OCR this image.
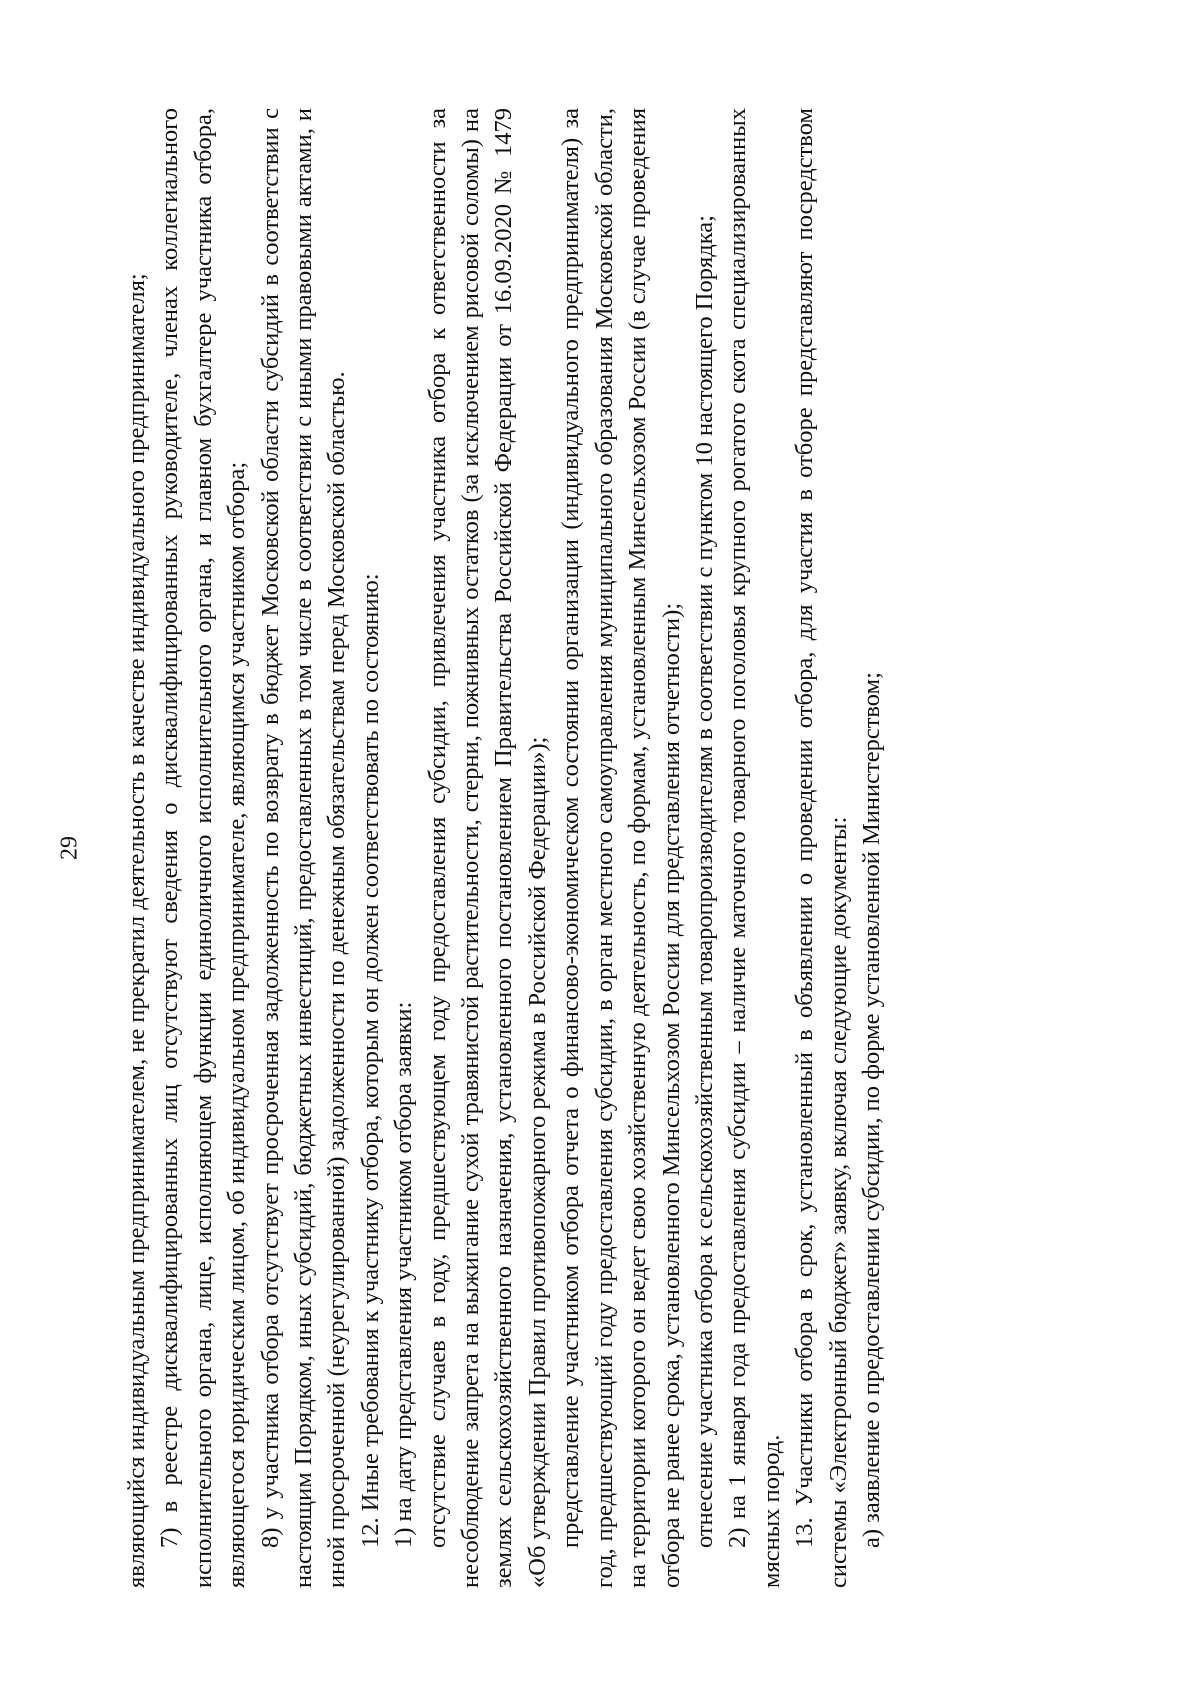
29 являющийся индивидуальным предпринимателем, не прекратил деятельность в качестве индивидуального предпринимателя; 7) в реестре дисквалифицированных лиц отсутствуют сведения о дисквалифицированных руководителе, членах коллегиального исполнительного органа, лице, исполняющем функции единоличного исполнительного органа, и главном бухгалтере участника отбора, являющегося юридическим лицом, об индивидуальном предпринимателе, являющимся участником отбора; 8) у участника отбора отсутствует просроченная задолженность по возврату в бюджет Московской области субсидий в соответствии с настоящим Порядком, иных субсидий, бюджетных инвестиций, предоставленных в том числе в соответствии с иными правовыми актами, и иной просроченной (неурегулированной) задолженности по денежным обязательствам перед Московской областью. 12. Иные требования к участнику отбора, которым он должен соответствовать по состоянию: 1) на дату представления участником отбора заявки: отсутствие случаев в году, предшествующем году предоставления субсидии, привлечения участника отбора к ответственности за несоблюдение запрета на выжигание сухой травянистой растительности, стерни, пожнивных остатков (за исключением рисовой соломы) на землях сельскохозяйственного назначения, установленного постановлением Правительства Российской Федерации от 16.09.2020 № 1479 «Об утверждении Правил противопожарного режима в Российской Федерации»); представление участником отбора отчета о финансово-экономическом состоянии организации (индивидуального предпринимателя) за год, предшествующий году предоставления субсидии, в орган местного самоуправления муниципального образования Московской области, на территории которого он ведет свою хозяйственную деятельность, по формам, установленным Минсельхозом России (в случае проведения отбора не ранее срока, установленного Минсельхозом России для представления отчетности); отнесение участника отбора к сельскохозяйственным товаропроизводителям в соответствии с пунктом 10 настоящего Порядка; 2) на 1 января года предоставления субсидии – наличие маточного товарного поголовья крупного рогатого скота специализированных мясных пород. 13. Участники отбора в срок, установленный в объявлении о проведении отбора, для участия в отборе представляют посредством системы «Электронный бюджет» заявку, включая следующие документы: а) заявление о предоставлении субсидии, по форме установленной Министерством;
